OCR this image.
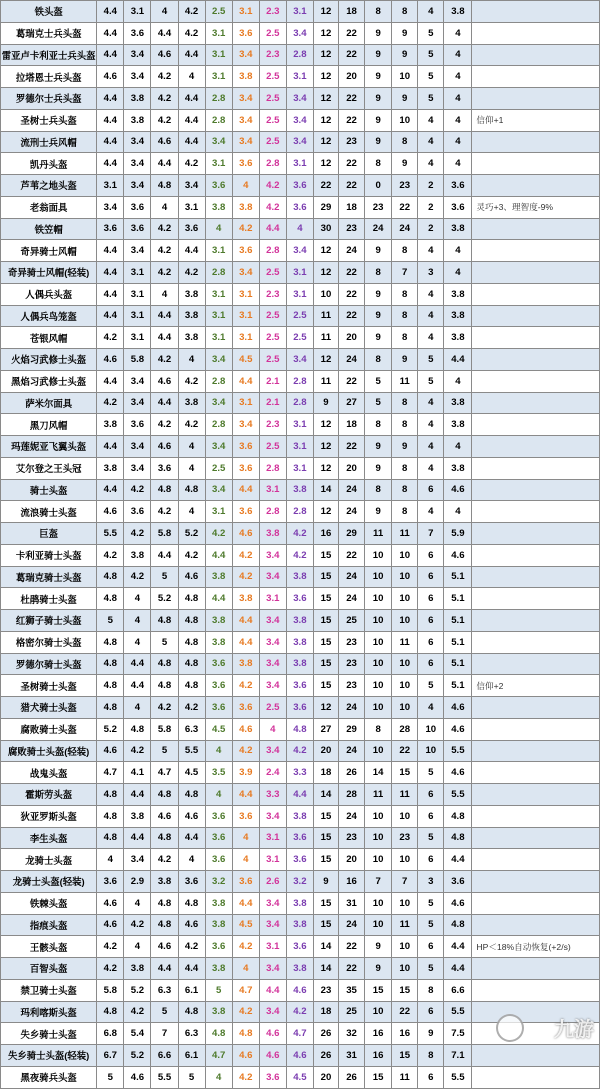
铁头盔	4.4	3.1	4	4.2	2.5	3.1	2.3	3.1	12	18	8	8	4	3.8	
葛瑞克士兵头盔	4.4	3.6	4.4	4.2	3.1	3.6	2.5	3.4	12	22	9	9	5	4	
雷亚卢卡利亚士兵头盔	4.4	3.4	4.6	4.4	3.1	3.4	2.3	2.8	12	22	9	9	5	4	
拉塔恩士兵头盔	4.6	3.4	4.2	4	3.1	3.8	2.5	3.1	12	20	9	10	5	4	
罗德尔士兵头盔	4.4	3.8	4.2	4.4	2.8	3.4	2.5	3.4	12	22	9	9	5	4	
圣树士兵头盔	4.4	3.8	4.2	4.4	2.8	3.4	2.5	3.4	12	22	9	10	4	4	信仰+1
流刑士兵风帽	4.4	3.4	4.6	4.4	3.4	3.4	2.5	3.4	12	23	9	8	4	4	
凯丹头盔	4.4	3.4	4.4	4.2	3.1	3.6	2.8	3.1	12	22	8	9	4	4	
芦苇之地头盔	3.1	3.4	4.8	3.4	3.6	4	4.2	3.6	22	22	0	23	2	3.6	
老翁面具	3.4	3.6	4	3.1	3.8	3.8	4.2	3.6	29	18	23	22	2	3.6	灵巧+3、理智度-9%
铁笠帽	3.6	3.6	4.2	3.6	4	4.2	4.4	4	30	23	24	24	2	3.8	
奇异骑士风帽	4.4	3.4	4.2	4.4	3.1	3.6	2.8	3.4	12	24	9	8	4	4	
奇异骑士风帽(轻装)	4.4	3.1	4.2	4.2	2.8	3.4	2.5	3.1	12	22	8	7	3	4	
人偶兵头盔	4.4	3.1	4	3.8	3.1	3.1	2.3	3.1	10	22	9	8	4	3.8	
人偶兵鸟笼盔	4.4	3.1	4.4	3.8	3.1	3.1	2.5	2.5	11	22	9	8	4	3.8	
苍银风帽	4.2	3.1	4.4	3.8	3.1	3.1	2.5	2.5	11	20	9	8	4	3.8	
火焰习武修士头盔	4.6	5.8	4.2	4	3.4	4.5	2.5	3.4	12	24	8	9	5	4.4	
黑焰习武修士头盔	4.4	3.4	4.6	4.2	2.8	4.4	2.1	2.8	11	22	5	11	5	4	
萨米尔面具	4.2	3.4	4.4	3.8	3.4	3.1	2.1	2.8	9	27	5	8	4	3.8	
黑刀风帽	3.8	3.6	4.2	4.2	2.8	3.4	2.3	3.1	12	18	8	8	4	3.8	
玛莲妮亚飞翼头盔	4.4	3.4	4.6	4	3.4	3.6	2.5	3.1	12	22	9	9	4	4	
艾尔登之王头冠	3.8	3.4	3.6	4	2.5	3.6	2.8	3.1	12	20	9	8	4	3.8	
骑士头盔	4.4	4.2	4.8	4.8	3.4	4.4	3.1	3.8	14	24	8	8	6	4.6	
流浪骑士头盔	4.6	3.6	4.2	4	3.1	3.6	2.8	2.8	12	24	9	8	4	4	
巨盔	5.5	4.2	5.8	5.2	4.2	4.6	3.8	4.2	16	29	11	11	7	5.9	
卡利亚骑士头盔	4.2	3.8	4.4	4.2	4.4	4.2	3.4	4.2	15	22	10	10	6	4.6	
葛瑞克骑士头盔	4.8	4.2	5	4.6	3.8	4.2	3.4	3.8	15	24	10	10	6	5.1	
杜鹃骑士头盔	4.8	4	5.2	4.8	4.4	3.8	3.1	3.6	15	24	10	10	6	5.1	
红狮子骑士头盔	5	4	4.8	4.8	3.8	4.4	3.4	3.8	15	25	10	10	6	5.1	
格密尔骑士头盔	4.8	4	5	4.8	3.8	4.4	3.4	3.8	15	23	10	11	6	5.1	
罗德尔骑士头盔	4.8	4.4	4.8	4.8	3.6	3.8	3.4	3.8	15	23	10	10	6	5.1	
圣树骑士头盔	4.8	4.4	4.8	4.8	3.6	4.2	3.4	3.6	15	23	10	10	5	5.1	信仰+2
猎犬骑士头盔	4.8	4	4.2	4.2	3.6	3.6	2.5	3.6	12	24	10	10	4	4.6	
腐败骑士头盔	5.2	4.8	5.8	6.3	4.5	4.6	4	4.8	27	29	8	28	10	4.6	
腐败骑士头盔(轻装)	4.6	4.2	5	5.5	4	4.2	3.4	4.2	20	24	10	22	10	5.5	
战鬼头盔	4.7	4.1	4.7	4.5	3.5	3.9	2.4	3.3	18	26	14	15	5	4.6	
霍斯劳头盔	4.8	4.4	4.8	4.8	4	4.4	3.3	4.4	14	28	11	11	6	5.5	
狄亚罗斯头盔	4.8	3.8	4.6	4.6	3.6	3.6	3.4	3.8	15	24	10	10	6	4.8	
李生头盔	4.8	4.4	4.8	4.4	3.6	4	3.1	3.6	15	23	10	23	5	4.8	
龙骑士头盔	4	3.4	4.2	4	3.6	4	3.1	3.6	15	20	10	10	6	4.4	
龙骑士头盔(轻装)	3.6	2.9	3.8	3.6	3.2	3.6	2.6	3.2	9	16	7	7	3	3.6	
铁棘头盔	4.6	4	4.8	4.8	3.8	4.4	3.4	3.8	15	31	10	10	5	4.6	
指痕头盔	4.6	4.2	4.8	4.6	3.8	4.5	3.4	3.8	15	24	10	11	5	4.8	
王骸头盔	4.2	4	4.6	4.2	3.6	4.2	3.1	3.6	14	22	9	10	6	4.4	HP＜18%自动恢复(+2/s)
百智头盔	4.2	3.8	4.4	4.4	3.8	4	3.4	3.8	14	22	9	10	5	4.4	
禁卫骑士头盔	5.8	5.2	6.3	6.1	5	4.7	4.4	4.6	23	35	15	15	8	6.6	
玛利喀斯头盔	4.8	4.2	5	4.8	3.8	4.2	3.4	4.2	18	25	10	22	6	5.5	
失乡骑士头盔	6.8	5.4	7	6.3	4.8	4.8	4.6	4.7	26	32	16	16	9	7.5	
失乡骑士头盔(轻装)	6.7	5.2	6.6	6.1	4.7	4.6	4.6	4.6	26	31	16	15	8	7.1	
黑夜骑兵头盔	5	4.6	5.5	5	4	4.2	3.6	4.5	20	26	15	11	6	5.5	
九游
